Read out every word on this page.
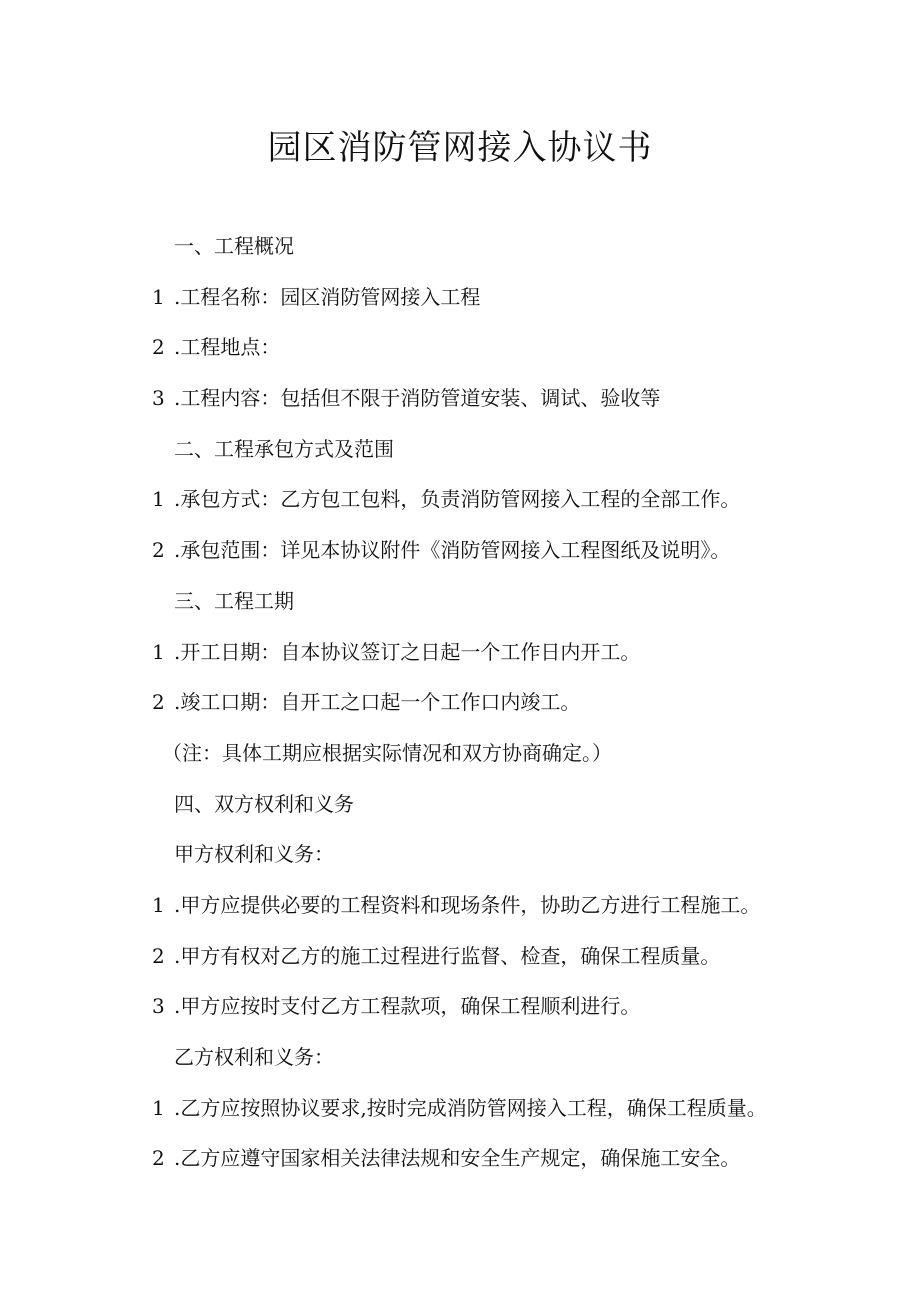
园区消防管网接入协议书

一、工程概况

1 .工程名称：园区消防管网接入工程

2 .工程地点：

3 .工程内容：包括但不限于消防管道安装、调试、验收等

二、工程承包方式及范围

1 .承包方式：乙方包工包料，负责消防管网接入工程的全部工作。

2 .承包范围：详见本协议附件《消防管网接入工程图纸及说明》。

三、工程工期

1 .开工日期：自本协议签订之日起一个工作日内开工。

2 .竣工口期：自开工之口起一个工作口内竣工。

（注：具体工期应根据实际情况和双方协商确定。）

四、双方权利和义务

甲方权利和义务：

1 .甲方应提供必要的工程资料和现场条件，协助乙方进行工程施工。

2 .甲方有权对乙方的施工过程进行监督、检查，确保工程质量。

3 .甲方应按时支付乙方工程款项，确保工程顺利进行。

乙方权利和义务：

1 .乙方应按照协议要求,按时完成消防管网接入工程，确保工程质量。

2 .乙方应遵守国家相关法律法规和安全生产规定，确保施工安全。
